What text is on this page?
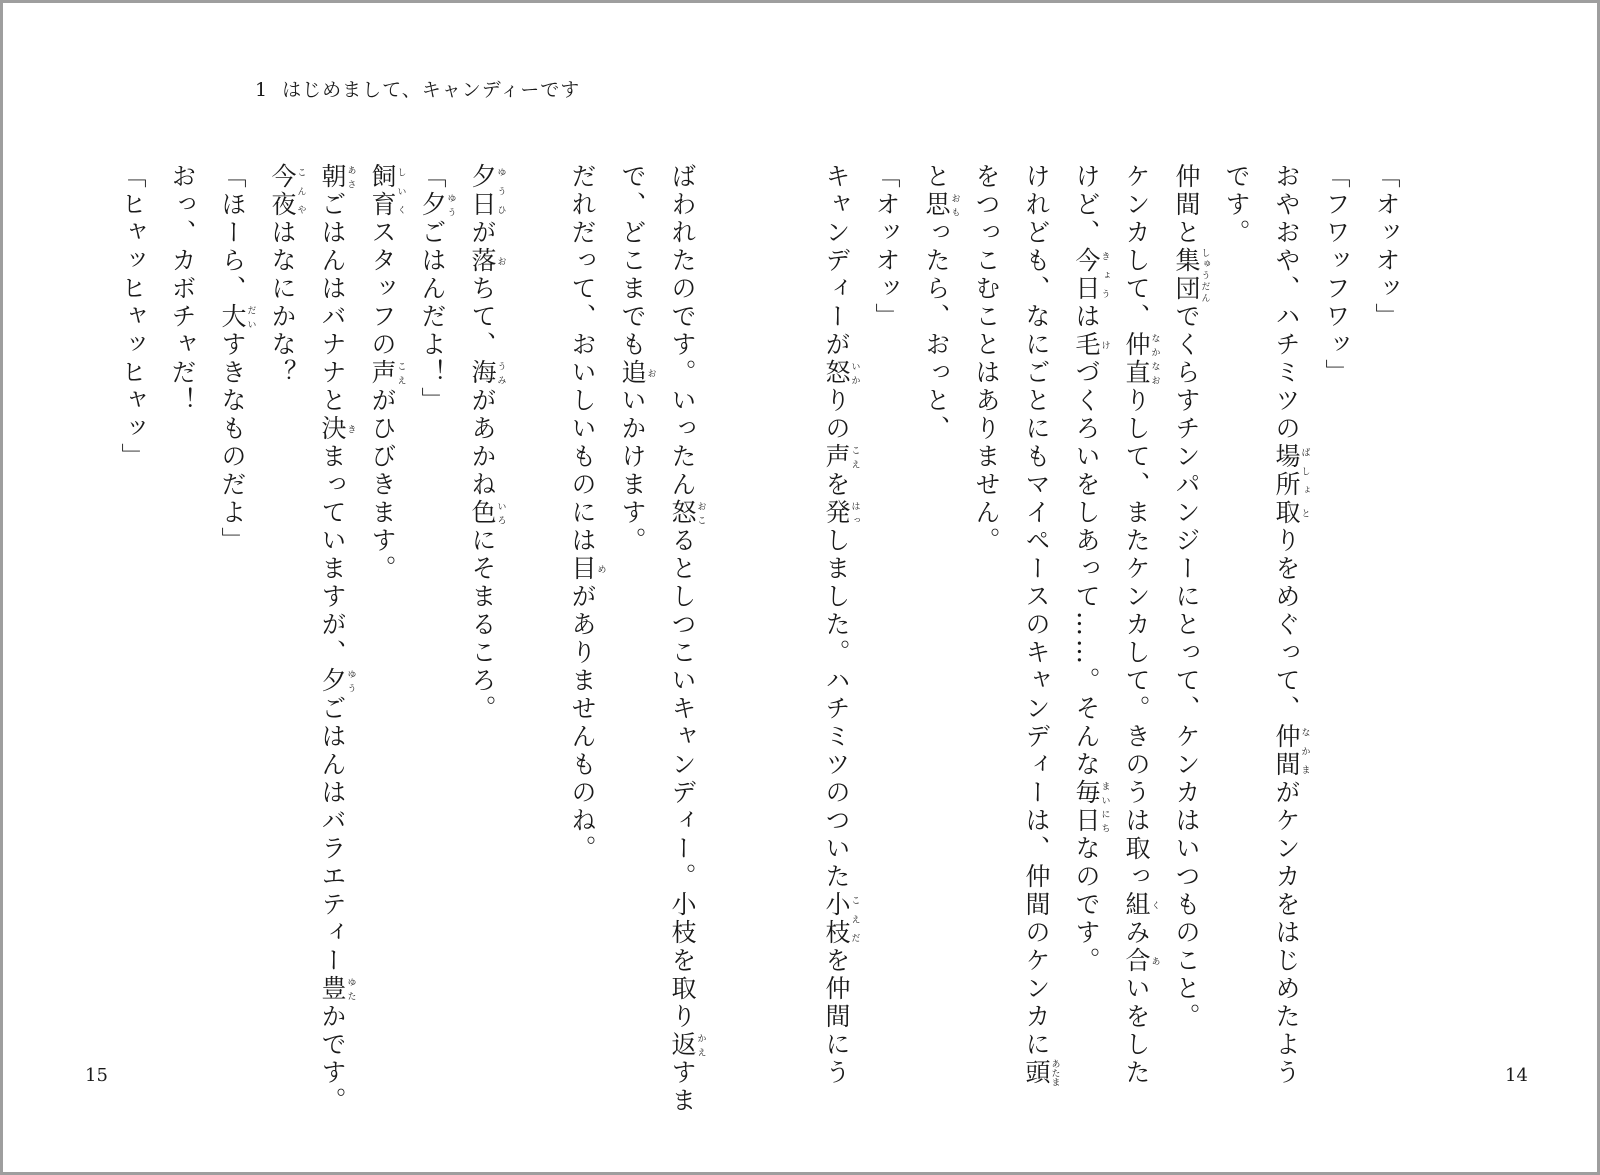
1 はじめまして、キャンディーです
「オッオッ」
「フワッフワッ」
おやおや、ハチミツの場所ばしょ取とりをめぐって、仲間なかまがケンカをはじめたよう
です。
仲間と集団しゅうだんでくらすチンパンジーにとって、ケンカはいつものこと。
ケンカして、仲直なかなおりして、またケンカして。きのうは取っ組くみ合あいをした
けど、今日きょうは毛けづくろいをしあって……。そんな毎日まいにちなのです。
けれども、なにごとにもマイペースのキャンディーは、仲間のケンカに頭あたま
をつっこむことはありません。
と思おもったら、おっと、
「オッオッ」
キャンディーが怒いかりの声こえを発はっしました。ハチミツのついた小枝こえだを仲間にう
ばわれたのです。いったん怒おこるとしつこいキャンディー。小枝を取り返かえすま
で、どこまでも追おいかけます。
だれだって、おいしいものには目めがありませんものね。
夕日ゆうひが落おちて、海うみがあかね色いろにそまるころ。
「夕ゆうごはんだよ！」
飼育しいくスタッフの声こえがひびきます。
朝あさごはんはバナナと決きまっていますが、夕ゆうごはんはバラエティー豊ゆたかです。
今夜こんやはなにかな？
「ほーら、大だいすきなものだよ」
おっ、カボチャだ！
「ヒャッヒャッヒャッ」
15	14
